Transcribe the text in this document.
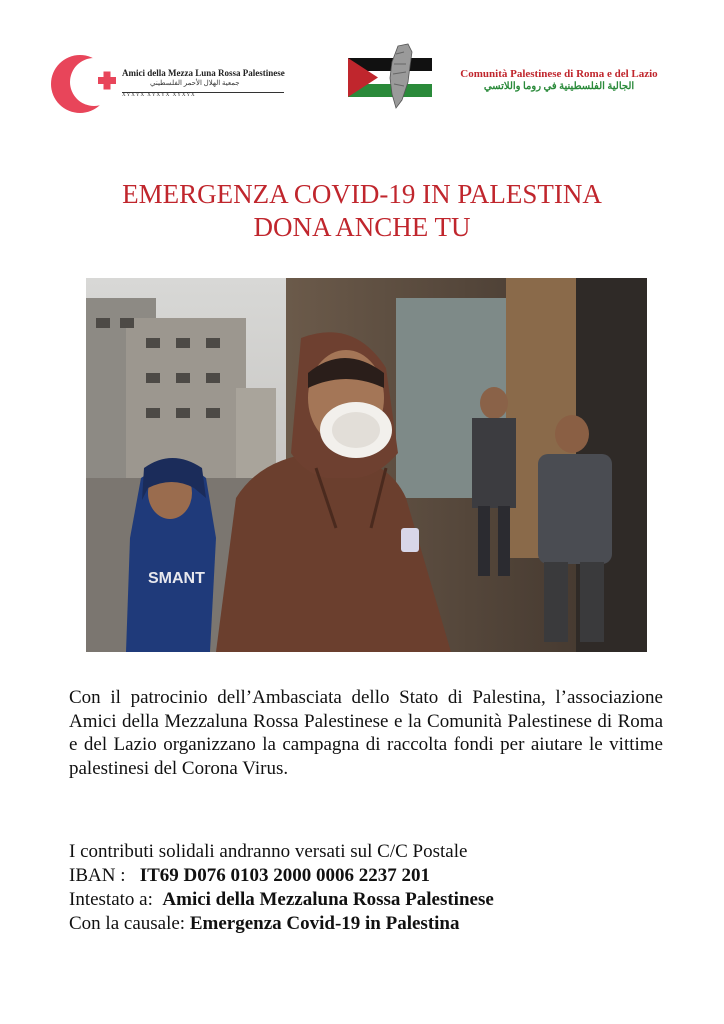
Amici della Mezza Luna Rossa Palestinese
جمعية الهلال الأحمر الفلسطيني
XYXYX XYXYX XYXYX
Comunità Palestinese di Roma e del Lazio
الجالية الفلسطينية في روما واللاتسي
EMERGENZA COVID-19 IN PALESTINA
DONA ANCHE TU
SMANT
Con il patrocinio dell’Ambasciata dello Stato di Palestina, l’associazione Amici della Mezzaluna Rossa Palestinese e la Comunità Palestinese di Roma e del Lazio organizzano la campagna di raccolta fondi per aiutare le vittime palestinesi del Corona Virus.
I contributi solidali andranno versati sul C/C Postale
IBAN : IT69 D076 0103 2000 0006 2237 201
Intestato a: Amici della Mezzaluna Rossa Palestinese
Con la causale: Emergenza Covid-19 in Palestina
